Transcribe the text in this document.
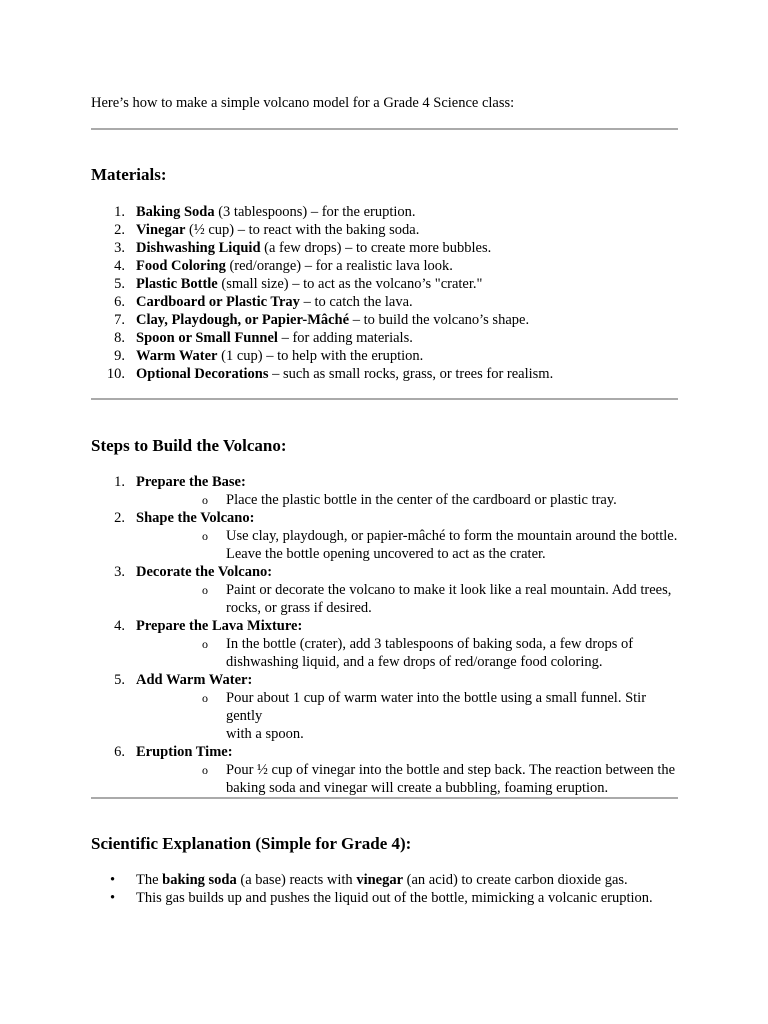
Here’s how to make a simple volcano model for a Grade 4 Science class:
Materials:
1. Baking Soda (3 tablespoons) – for the eruption.
2. Vinegar (½ cup) – to react with the baking soda.
3. Dishwashing Liquid (a few drops) – to create more bubbles.
4. Food Coloring (red/orange) – for a realistic lava look.
5. Plastic Bottle (small size) – to act as the volcano’s "crater."
6. Cardboard or Plastic Tray – to catch the lava.
7. Clay, Playdough, or Papier-Mâché – to build the volcano’s shape.
8. Spoon or Small Funnel – for adding materials.
9. Warm Water (1 cup) – to help with the eruption.
10. Optional Decorations – such as small rocks, grass, or trees for realism.
Steps to Build the Volcano:
1. Prepare the Base:
o Place the plastic bottle in the center of the cardboard or plastic tray.
2. Shape the Volcano:
o Use clay, playdough, or papier-mâché to form the mountain around the bottle.
Leave the bottle opening uncovered to act as the crater.
3. Decorate the Volcano:
o Paint or decorate the volcano to make it look like a real mountain. Add trees,
rocks, or grass if desired.
4. Prepare the Lava Mixture:
o In the bottle (crater), add 3 tablespoons of baking soda, a few drops of
dishwashing liquid, and a few drops of red/orange food coloring.
5. Add Warm Water:
o Pour about 1 cup of warm water into the bottle using a small funnel. Stir gently
with a spoon.
6. Eruption Time:
o Pour ½ cup of vinegar into the bottle and step back. The reaction between the
baking soda and vinegar will create a bubbling, foaming eruption.
Scientific Explanation (Simple for Grade 4):
• The baking soda (a base) reacts with vinegar (an acid) to create carbon dioxide gas.
• This gas builds up and pushes the liquid out of the bottle, mimicking a volcanic eruption.
